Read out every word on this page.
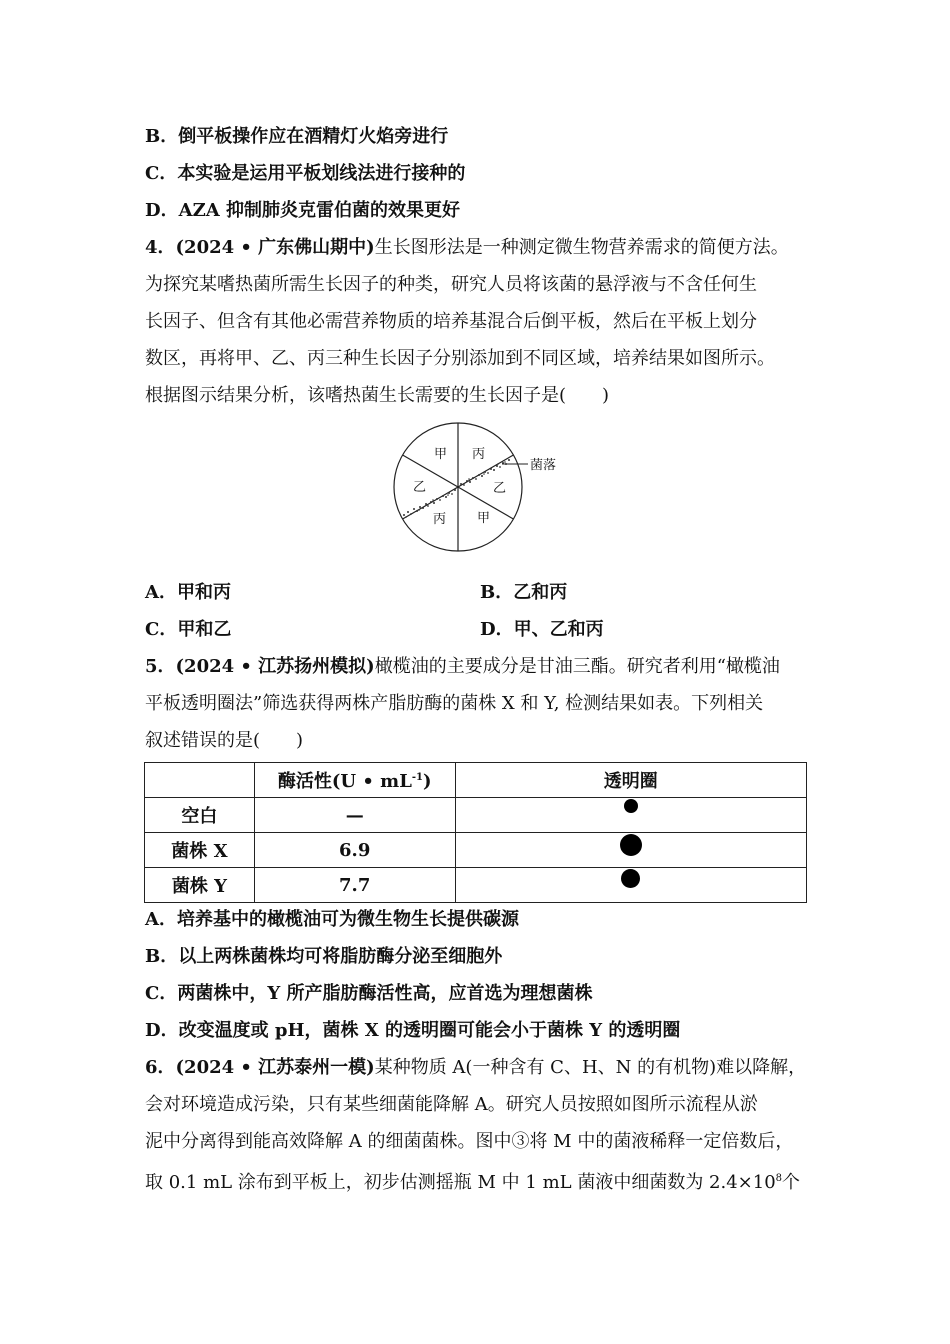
B．倒平板操作应在酒精灯火焰旁进行
C．本实验是运用平板划线法进行接种的
D．AZA 抑制肺炎克雷伯菌的效果更好
4．(2024 • 广东佛山期中)生长图形法是一种测定微生物营养需求的简便方法。
为探究某嗜热菌所需生长因子的种类，研究人员将该菌的悬浮液与不含任何生
长因子、但含有其他必需营养物质的培养基混合后倒平板，然后在平板上划分
数区，再将甲、乙、丙三种生长因子分别添加到不同区域，培养结果如图所示。
根据图示结果分析，该嗜热菌生长需要的生长因子是(　　)
甲 丙
乙
甲
丙
乙
菌落
A．甲和丙	B．乙和丙
C．甲和乙	D．甲、乙和丙
5．(2024 • 江苏扬州模拟)橄榄油的主要成分是甘油三酯。研究者利用“橄榄油
平板透明圈法”筛选获得两株产脂肪酶的菌株 X 和 Y, 检测结果如表。下列相关
叙述错误的是(　　)
	酶活性(U • $mL^{-1}$)	透明圈
空白	—	
菌株 X	6.9	
菌株 Y	7.7	
A．培养基中的橄榄油可为微生物生长提供碳源
B．以上两株菌株均可将脂肪酶分泌至细胞外
C．两菌株中，Y 所产脂肪酶活性高，应首选为理想菌株
D．改变温度或 pH，菌株 X 的透明圈可能会小于菌株 Y 的透明圈
6．(2024 • 江苏泰州一模)某种物质 A(一种含有 C、H、N 的有机物)难以降解，
会对环境造成污染，只有某些细菌能降解 A。研究人员按照如图所示流程从淤
泥中分离得到能高效降解 A 的细菌菌株。图中③将 M 中的菌液稀释一定倍数后，
取 0.1 mL 涂布到平板上，初步估测摇瓶 M 中 1 mL 菌液中细菌数为 $2.4\times 10^8$个
